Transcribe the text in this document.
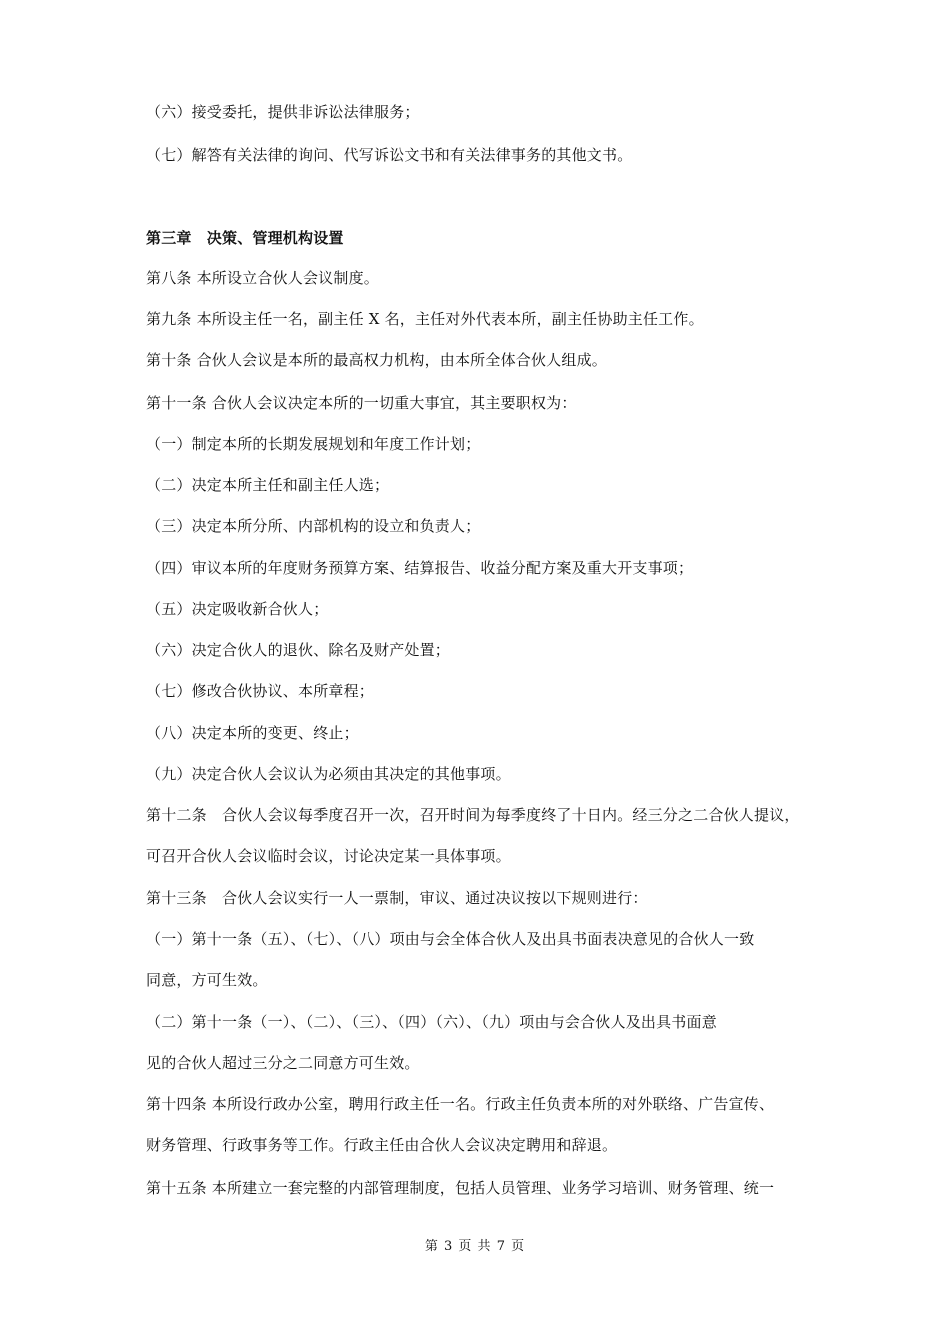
（六）接受委托，提供非诉讼法律服务；
（七）解答有关法律的询问、代写诉讼文书和有关法律事务的其他文书。
第三章　决策、管理机构设置
第八条 本所设立合伙人会议制度。
第九条 本所设主任一名，副主任 X 名，主任对外代表本所，副主任协助主任工作。
第十条 合伙人会议是本所的最高权力机构，由本所全体合伙人组成。
第十一条 合伙人会议决定本所的一切重大事宜，其主要职权为：
（一）制定本所的长期发展规划和年度工作计划；
（二）决定本所主任和副主任人选；
（三）决定本所分所、内部机构的设立和负责人；
（四）审议本所的年度财务预算方案、结算报告、收益分配方案及重大开支事项；
（五）决定吸收新合伙人；
（六）决定合伙人的退伙、除名及财产处置；
（七）修改合伙协议、本所章程；
（八）决定本所的变更、终止；
（九）决定合伙人会议认为必须由其决定的其他事项。
第十二条　合伙人会议每季度召开一次，召开时间为每季度终了十日内。经三分之二合伙人提议，
可召开合伙人会议临时会议，讨论决定某一具体事项。
第十三条　合伙人会议实行一人一票制，审议、通过决议按以下规则进行：
（一）第十一条（五）、（七）、（八）项由与会全体合伙人及出具书面表决意见的合伙人一致
同意，方可生效。
（二）第十一条（一）、（二）、（三）、（四）（六）、（九）项由与会合伙人及出具书面意
见的合伙人超过三分之二同意方可生效。
第十四条 本所设行政办公室，聘用行政主任一名。行政主任负责本所的对外联络、广告宣传、
财务管理、行政事务等工作。行政主任由合伙人会议决定聘用和辞退。
第十五条 本所建立一套完整的内部管理制度，包括人员管理、业务学习培训、财务管理、统一
第 3 页 共 7 页
